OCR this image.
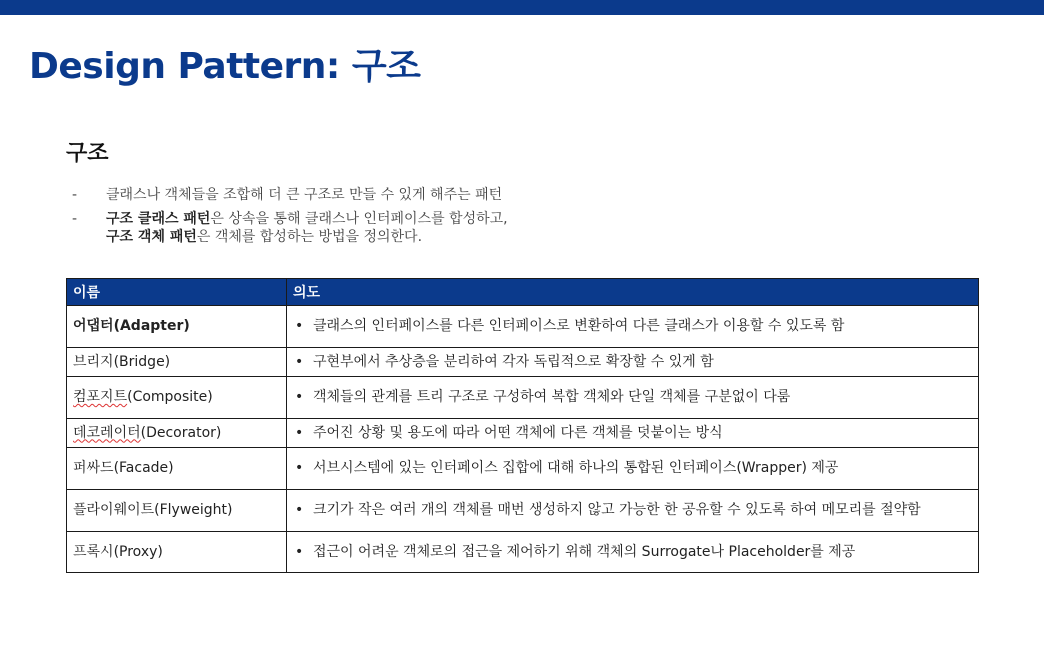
Design Pattern: 구조
구조
-	클래스나 객체들을 조합해 더 큰 구조로 만들 수 있게 해주는 패턴
-	구조 클래스 패턴은 상속을 통해 클래스나 인터페이스를 합성하고,
구조 객체 패턴은 객체를 합성하는 방법을 정의한다.
이름	의도
어댑터(Adapter)	• 클래스의 인터페이스를 다른 인터페이스로 변환하여 다른 클래스가 이용할 수 있도록 함

브리지(Bridge)	• 구현부에서 추상층을 분리하여 각자 독립적으로 확장할 수 있게 함

컴포지트(Composite)	• 객체들의 관계를 트리 구조로 구성하여 복합 객체와 단일 객체를 구분없이 다룸

데코레이터(Decorator)	• 주어진 상황 및 용도에 따라 어떤 객체에 다른 객체를 덧붙이는 방식

퍼싸드(Facade)	• 서브시스템에 있는 인터페이스 집합에 대해 하나의 통합된 인터페이스(Wrapper) 제공

플라이웨이트(Flyweight)	• 크기가 작은 여러 개의 객체를 매번 생성하지 않고 가능한 한 공유할 수 있도록 하여 메모리를 절약함

프록시(Proxy)	• 접근이 어려운 객체로의 접근을 제어하기 위해 객체의 Surrogate나 Placeholder를 제공
